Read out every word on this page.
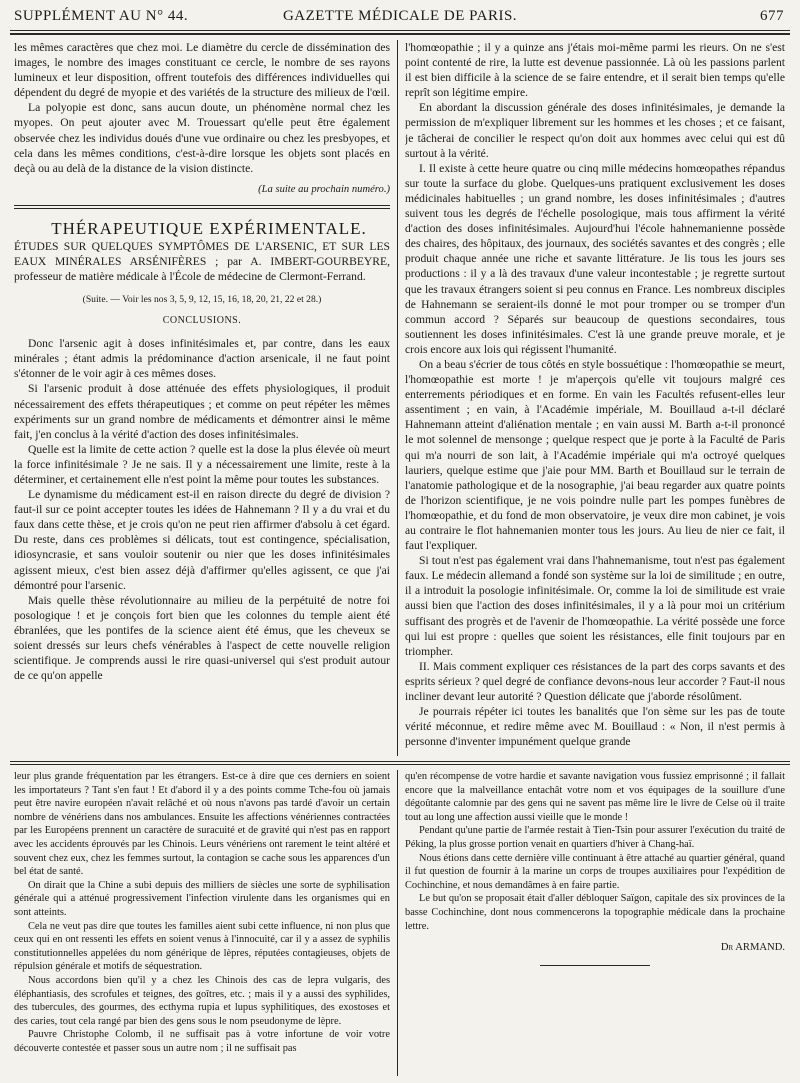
SUPPLÉMENT AU N° 44.	GAZETTE MÉDICALE DE PARIS.	677

les mêmes caractères que chez moi. Le diamètre du cercle de dissémination des images, le nombre des images constituant ce cercle, le nombre de ses rayons lumineux et leur disposition, offrent toutefois des différences individuelles qui dépendent du degré de myopie et des variétés de la structure des milieux de l'œil.

La polyopie est donc, sans aucun doute, un phénomène normal chez les myopes. On peut ajouter avec M. Trouessart qu'elle peut être également observée chez les individus doués d'une vue ordinaire ou chez les presbyopes, et cela dans les mêmes conditions, c'est-à-dire lorsque les objets sont placés en deçà ou au delà de la distance de la vision distincte.

(La suite au prochain numéro.)

THÉRAPEUTIQUE EXPÉRIMENTALE.

ÉTUDES SUR QUELQUES SYMPTÔMES DE L'ARSENIC, ET SUR LES EAUX MINÉRALES ARSÉNIFÈRES ; par A. IMBERT-GOURBEYRE, professeur de matière médicale à l'École de médecine de Clermont-Ferrand.

(Suite. — Voir les nos 3, 5, 9, 12, 15, 16, 18, 20, 21, 22 et 28.)

CONCLUSIONS.

Donc l'arsenic agit à doses infinitésimales et, par contre, dans les eaux minérales ; étant admis la prédominance d'action arsenicale, il ne faut point s'étonner de le voir agir à ces mêmes doses.

Si l'arsenic produit à dose atténuée des effets physiologiques, il produit nécessairement des effets thérapeutiques ; et comme on peut répéter les mêmes expériments sur un grand nombre de médicaments et démontrer ainsi le même fait, j'en conclus à la vérité d'action des doses infinitésimales.

Quelle est la limite de cette action ? quelle est la dose la plus élevée où meurt la force infinitésimale ? Je ne sais. Il y a nécessairement une limite, reste à la déterminer, et certainement elle n'est point la même pour toutes les substances.

Le dynamisme du médicament est-il en raison directe du degré de division ? faut-il sur ce point accepter toutes les idées de Hahnemann ? Il y a du vrai et du faux dans cette thèse, et je crois qu'on ne peut rien affirmer d'absolu à cet égard. Du reste, dans ces problèmes si délicats, tout est contingence, spécialisation, idiosyncrasie, et sans vouloir soutenir ou nier que les doses infinitésimales agissent mieux, c'est bien assez déjà d'affirmer qu'elles agissent, ce que j'ai démontré pour l'arsenic.

Mais quelle thèse révolutionnaire au milieu de la perpétuité de notre foi posologique ! et je conçois fort bien que les colonnes du temple aient été ébranlées, que les pontifes de la science aient été émus, que les cheveux se soient dressés sur leurs chefs vénérables à l'aspect de cette nouvelle religion scientifique. Je comprends aussi le rire quasi-universel qui s'est produit autour de ce qu'on appelle

l'homœopathie ; il y a quinze ans j'étais moi-même parmi les rieurs. On ne s'est point contenté de rire, la lutte est devenue passionnée. Là où les passions parlent il est bien difficile à la science de se faire entendre, et il serait bien temps qu'elle reprît son légitime empire.

En abordant la discussion générale des doses infinitésimales, je demande la permission de m'expliquer librement sur les hommes et les choses ; et ce faisant, je tâcherai de concilier le respect qu'on doit aux hommes avec celui qui est dû surtout à la vérité.

I. Il existe à cette heure quatre ou cinq mille médecins homœopathes répandus sur toute la surface du globe. Quelques-uns pratiquent exclusivement les doses médicinales habituelles ; un grand nombre, les doses infinitésimales ; d'autres suivent tous les degrés de l'échelle posologique, mais tous affirment la vérité d'action des doses infinitésimales. Aujourd'hui l'école hahnemanienne possède des chaires, des hôpitaux, des journaux, des sociétés savantes et des congrès ; elle produit chaque année une riche et savante littérature. Je lis tous les jours ses productions : il y a là des travaux d'une valeur incontestable ; je regrette surtout que les travaux étrangers soient si peu connus en France. Les nombreux disciples de Hahnemann se seraient-ils donné le mot pour tromper ou se tromper d'un commun accord ? Séparés sur beaucoup de questions secondaires, tous soutiennent les doses infinitésimales. C'est là une grande preuve morale, et je crois encore aux lois qui régissent l'humanité.

On a beau s'écrier de tous côtés en style bossuétique : l'homœopathie se meurt, l'homœopathie est morte ! je m'aperçois qu'elle vit toujours malgré ces enterrements périodiques et en forme. En vain les Facultés refusent-elles leur assentiment ; en vain, à l'Académie impériale, M. Bouillaud a-t-il déclaré Hahnemann atteint d'aliénation mentale ; en vain aussi M. Barth a-t-il prononcé le mot solennel de mensonge ; quelque respect que je porte à la Faculté de Paris qui m'a nourri de son lait, à l'Académie impériale qui m'a octroyé quelques lauriers, quelque estime que j'aie pour MM. Barth et Bouillaud sur le terrain de l'anatomie pathologique et de la nosographie, j'ai beau regarder aux quatre points de l'horizon scientifique, je ne vois poindre nulle part les pompes funèbres de l'homœopathie, et du fond de mon observatoire, je veux dire mon cabinet, je vois au contraire le flot hahnemanien monter tous les jours. Au lieu de nier ce fait, il faut l'expliquer.

Si tout n'est pas également vrai dans l'hahnemanisme, tout n'est pas également faux. Le médecin allemand a fondé son système sur la loi de similitude ; en outre, il a introduit la posologie infinitésimale. Or, comme la loi de similitude est vraie aussi bien que l'action des doses infinitésimales, il y a là pour moi un critérium suffisant des progrès et de l'avenir de l'homœopathie. La vérité possède une force qui lui est propre : quelles que soient les résistances, elle finit toujours par en triompher.

II. Mais comment expliquer ces résistances de la part des corps savants et des esprits sérieux ? quel degré de confiance devons-nous leur accorder ? Faut-il nous incliner devant leur autorité ? Question délicate que j'aborde résolûment.

Je pourrais répéter ici toutes les banalités que l'on sème sur les pas de toute vérité méconnue, et redire même avec M. Bouillaud : « Non, il n'est permis à personne d'inventer impunément quelque grande

leur plus grande fréquentation par les étrangers. Est-ce à dire que ces derniers en soient les importateurs ? Tant s'en faut ! Et d'abord il y a des points comme Tche-fou où jamais peut être navire européen n'avait relâché et où nous n'avons pas tardé d'avoir un certain nombre de vénériens dans nos ambulances. Ensuite les affections vénériennes contractées par les Européens prennent un caractère de suracuité et de gravité qui n'est pas en rapport avec les accidents éprouvés par les Chinois. Leurs vénériens ont rarement le teint altéré et souvent chez eux, chez les femmes surtout, la contagion se cache sous les apparences d'un bel état de santé.

On dirait que la Chine a subi depuis des milliers de siècles une sorte de syphilisation générale qui a atténué progressivement l'infection virulente dans les organismes qui en sont atteints.

Cela ne veut pas dire que toutes les familles aient subi cette influence, ni non plus que ceux qui en ont ressenti les effets en soient venus à l'innocuité, car il y a assez de syphilis constitutionnelles appelées du nom générique de lèpres, réputées contagieuses, objets de répulsion générale et motifs de séquestration.

Nous accordons bien qu'il y a chez les Chinois des cas de lepra vulgaris, des éléphantiasis, des scrofules et teignes, des goîtres, etc. ; mais il y a aussi des syphilides, des tubercules, des gourmes, des ecthyma rupia et lupus syphilitiques, des exostoses et des caries, tout cela rangé par bien des gens sous le nom pseudonyme de lèpre.

Pauvre Christophe Colomb, il ne suffisait pas à votre infortune de voir votre découverte contestée et passer sous un autre nom ; il ne suffisait pas

qu'en récompense de votre hardie et savante navigation vous fussiez emprisonné ; il fallait encore que la malveillance entachât votre nom et vos équipages de la souillure d'une dégoûtante calomnie par des gens qui ne savent pas même lire le livre de Celse où il traite tout au long une affection aussi vieille que le monde !

Pendant qu'une partie de l'armée restait à Tien-Tsin pour assurer l'exécution du traité de Péking, la plus grosse portion venait en quartiers d'hiver à Chang-haï.

Nous étions dans cette dernière ville continuant à être attaché au quartier général, quand il fut question de fournir à la marine un corps de troupes auxiliaires pour l'expédition de Cochinchine, et nous demandâmes à en faire partie.

Le but qu'on se proposait était d'aller débloquer Saïgon, capitale des six provinces de la basse Cochinchine, dont nous commencerons la topographie médicale dans la prochaine lettre.

Dr ARMAND.
